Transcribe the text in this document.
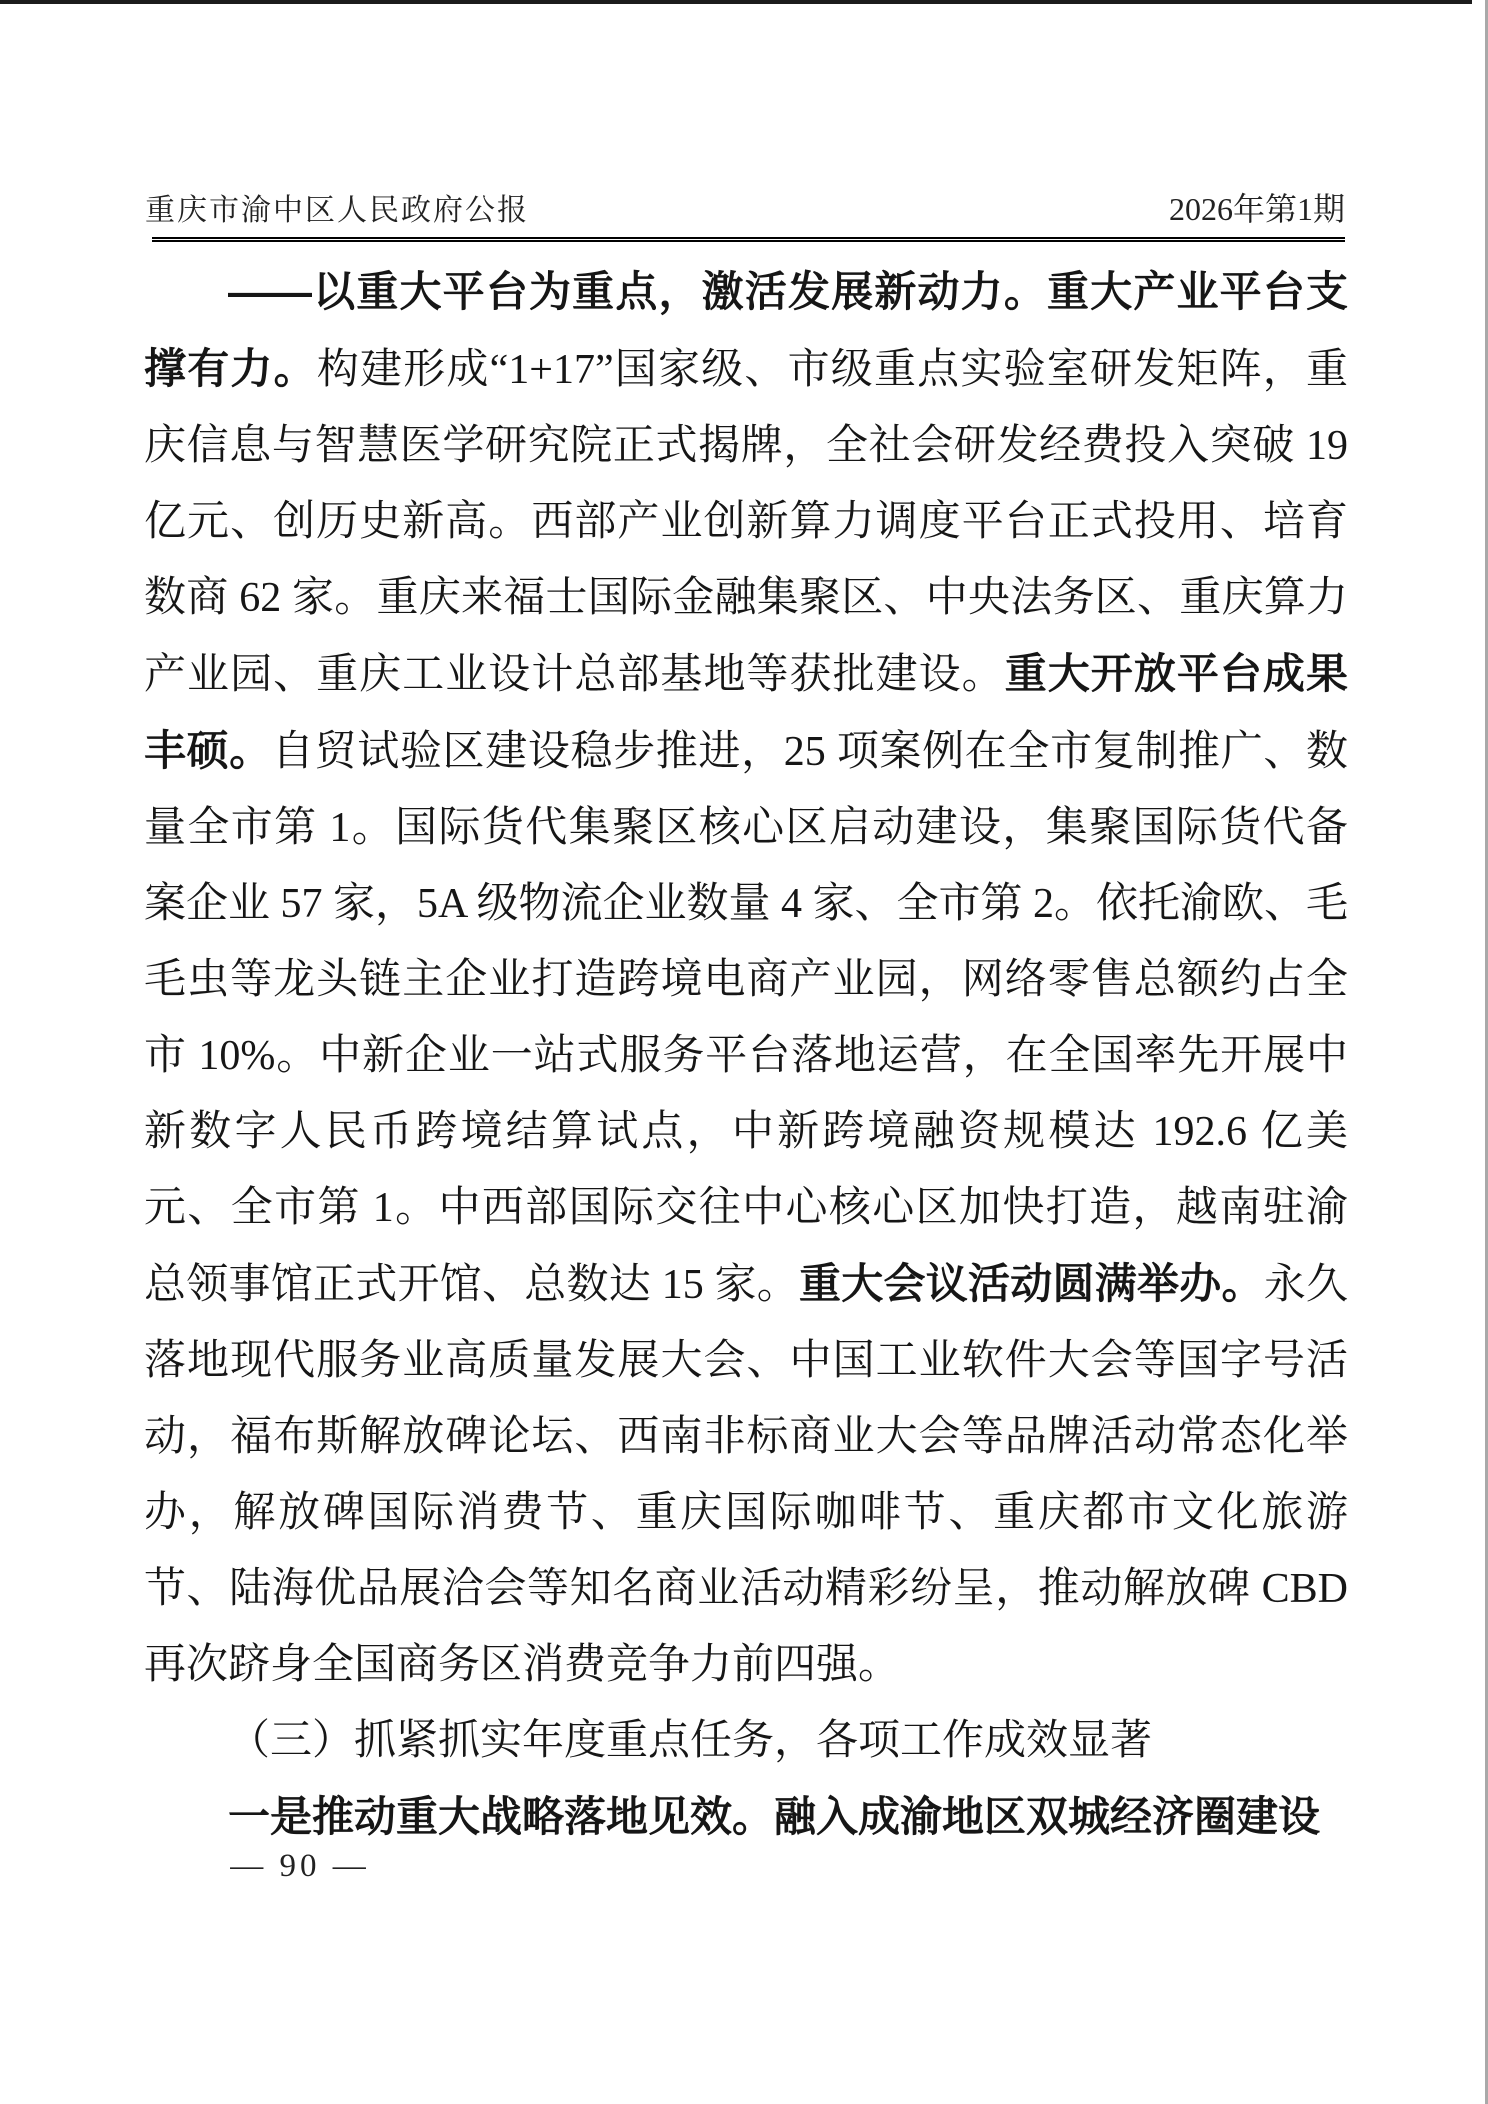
重庆市渝中区人民政府公报	2026年第1期

——以重大平台为重点，激活发展新动力。重大产业平台支撑有力。构建形成“1+17”国家级、市级重点实验室研发矩阵，重庆信息与智慧医学研究院正式揭牌，全社会研发经费投入突破 19 亿元、创历史新高。西部产业创新算力调度平台正式投用、培育数商 62 家。重庆来福士国际金融集聚区、中央法务区、重庆算力产业园、重庆工业设计总部基地等获批建设。重大开放平台成果丰硕。自贸试验区建设稳步推进，25 项案例在全市复制推广、数量全市第 1。国际货代集聚区核心区启动建设，集聚国际货代备案企业 57 家，5A 级物流企业数量 4 家、全市第 2。依托渝欧、毛毛虫等龙头链主企业打造跨境电商产业园，网络零售总额约占全市 10%。中新企业一站式服务平台落地运营，在全国率先开展中新数字人民币跨境结算试点，中新跨境融资规模达 192.6 亿美元、全市第 1。中西部国际交往中心核心区加快打造，越南驻渝总领事馆正式开馆、总数达 15 家。重大会议活动圆满举办。永久落地现代服务业高质量发展大会、中国工业软件大会等国字号活动，福布斯解放碑论坛、西南非标商业大会等品牌活动常态化举办，解放碑国际消费节、重庆国际咖啡节、重庆都市文化旅游节、陆海优品展洽会等知名商业活动精彩纷呈，推动解放碑 CBD 再次跻身全国商务区消费竞争力前四强。

（三）抓紧抓实年度重点任务，各项工作成效显著

一是推动重大战略落地见效。融入成渝地区双城经济圈建设

— 90 —
